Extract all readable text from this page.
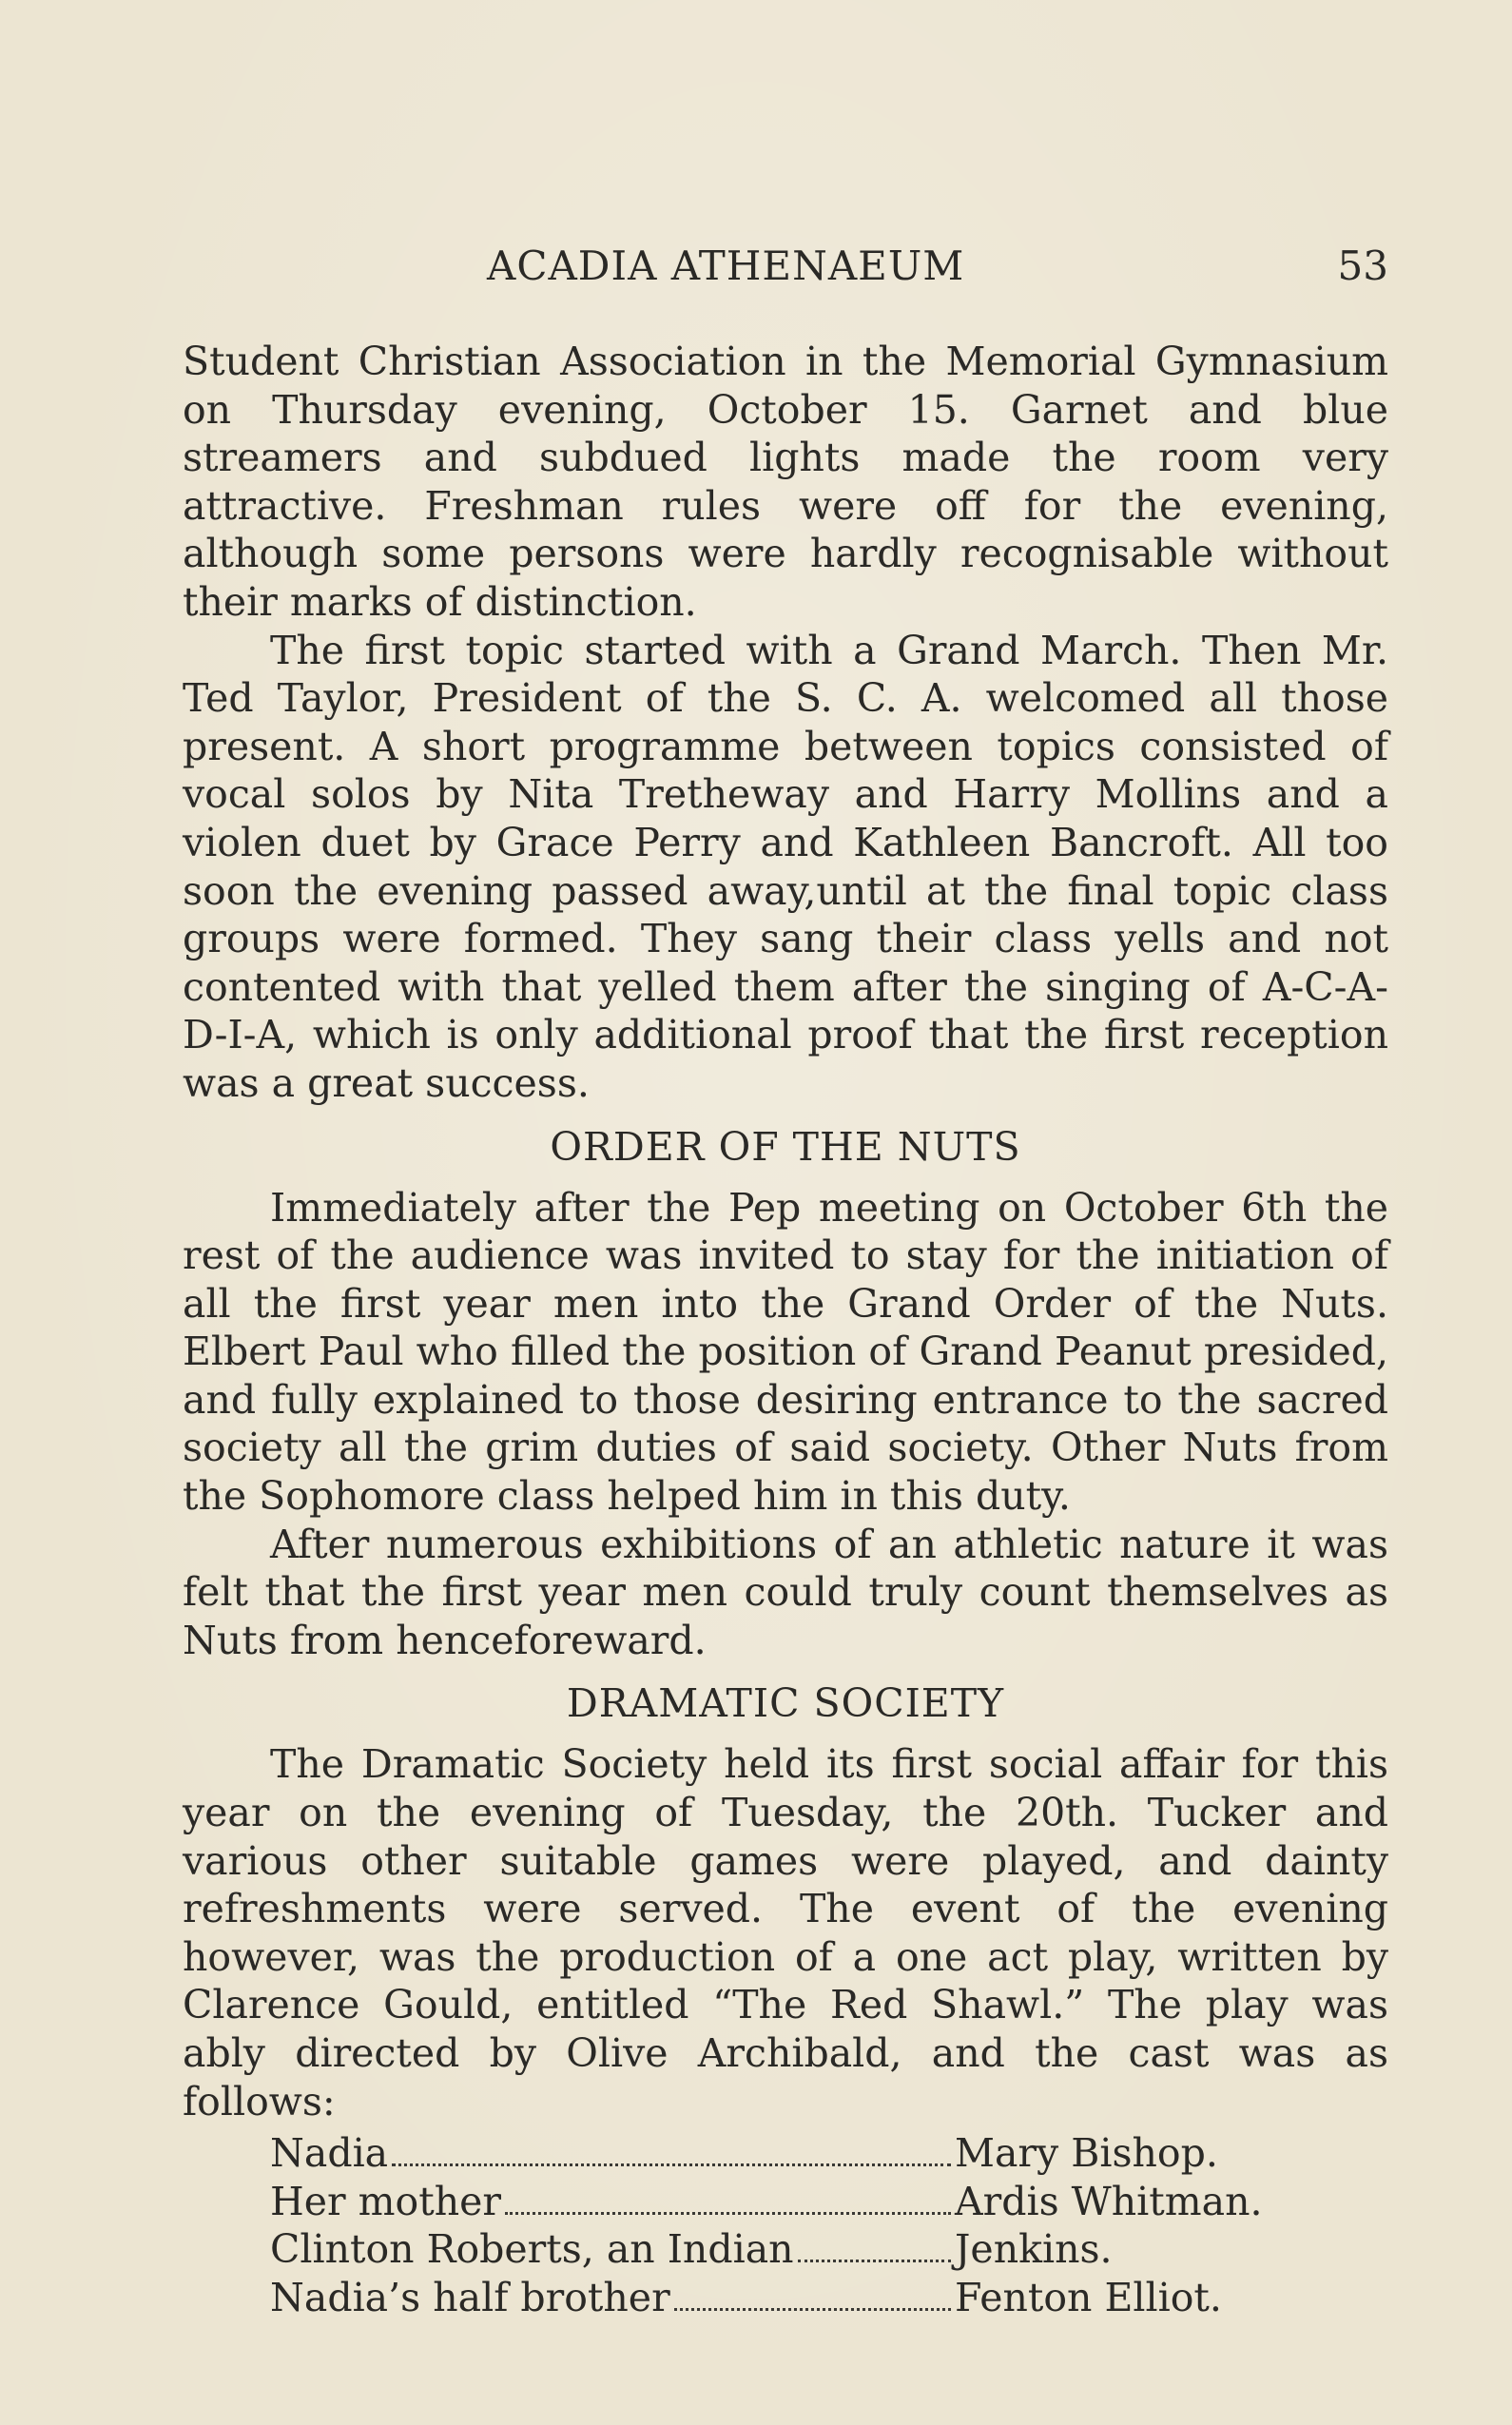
ACADIA ATHENAEUM	53

Student Christian Association in the Memorial Gymnasium on Thursday evening, October 15. Garnet and blue streamers and subdued lights made the room very attractive. Freshman rules were off for the evening, although some persons were hardly recognisable without their marks of distinction.

The first topic started with a Grand March. Then Mr. Ted Taylor, President of the S. C. A. welcomed all those present. A short programme between topics consisted of vocal solos by Nita Tretheway and Harry Mollins and a violen duet by Grace Perry and Kathleen Bancroft. All too soon the evening passed away,until at the final topic class groups were formed. They sang their class yells and not contented with that yelled them after the singing of A-C-A-D-I-A, which is only additional proof that the first reception was a great success.

ORDER OF THE NUTS

Immediately after the Pep meeting on October 6th the rest of the audience was invited to stay for the initiation of all the first year men into the Grand Order of the Nuts. Elbert Paul who filled the position of Grand Peanut presided, and fully explained to those desiring entrance to the sacred society all the grim duties of said society. Other Nuts from the Sophomore class helped him in this duty.

After numerous exhibitions of an athletic nature it was felt that the first year men could truly count themselves as Nuts from henceforeward.

DRAMATIC SOCIETY

The Dramatic Society held its first social affair for this year on the evening of Tuesday, the 20th. Tucker and various other suitable games were played, and dainty refreshments were served. The event of the evening however, was the production of a one act play, written by Clarence Gould, entitled “The Red Shawl.” The play was ably directed by Olive Archibald, and the cast was as follows:

Nadia	Mary Bishop.
Her mother	Ardis Whitman.
Clinton Roberts, an Indian	Jenkins.
Nadia’s half brother	Fenton Elliot.
